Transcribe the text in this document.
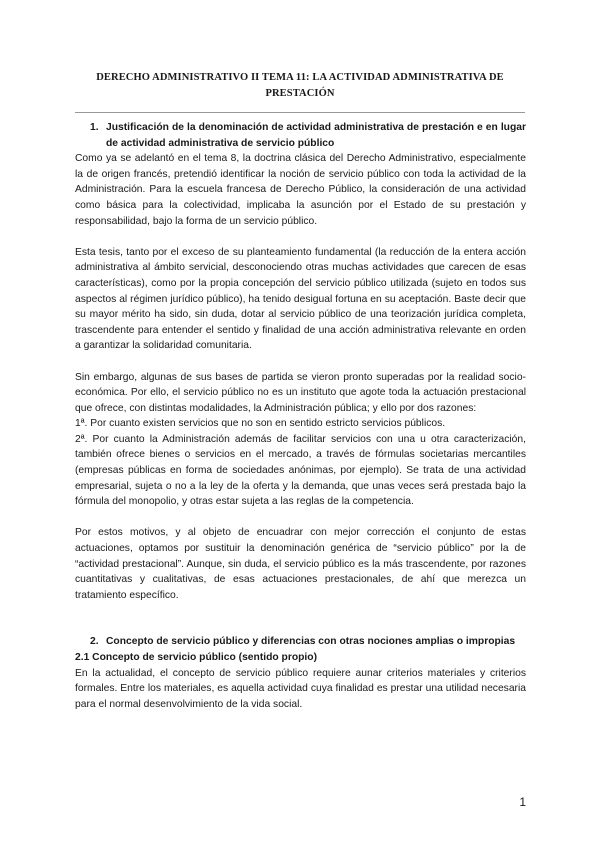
DERECHO ADMINISTRATIVO II TEMA 11: LA ACTIVIDAD ADMINISTRATIVA DE PRESTACIÓN

1. Justificación de la denominación de actividad administrativa de prestación e en lugar de actividad administrativa de servicio público

Como ya se adelantó en el tema 8, la doctrina clásica del Derecho Administrativo, especialmente la de origen francés, pretendió identificar la noción de servicio público con toda la actividad de la Administración. Para la escuela francesa de Derecho Público, la consideración de una actividad como básica para la colectividad, implicaba la asunción por el Estado de su prestación y responsabilidad, bajo la forma de un servicio público.

Esta tesis, tanto por el exceso de su planteamiento fundamental (la reducción de la entera acción administrativa al ámbito servicial, desconociendo otras muchas actividades que carecen de esas características), como por la propia concepción del servicio público utilizada (sujeto en todos sus aspectos al régimen jurídico público), ha tenido desigual fortuna en su aceptación. Baste decir que su mayor mérito ha sido, sin duda, dotar al servicio público de una teorización jurídica completa, trascendente para entender el sentido y finalidad de una acción administrativa relevante en orden a garantizar la solidaridad comunitaria.

Sin embargo, algunas de sus bases de partida se vieron pronto superadas por la realidad socio-económica. Por ello, el servicio público no es un instituto que agote toda la actuación prestacional que ofrece, con distintas modalidades, la Administración pública; y ello por dos razones:

1ª. Por cuanto existen servicios que no son en sentido estricto servicios públicos.

2ª. Por cuanto la Administración además de facilitar servicios con una u otra caracterización, también ofrece bienes o servicios en el mercado, a través de fórmulas societarias mercantiles (empresas públicas en forma de sociedades anónimas, por ejemplo). Se trata de una actividad empresarial, sujeta o no a la ley de la oferta y la demanda, que unas veces será prestada bajo la fórmula del monopolio, y otras estar sujeta a las reglas de la competencia.

Por estos motivos, y al objeto de encuadrar con mejor corrección el conjunto de estas actuaciones, optamos por sustituir la denominación genérica de “servicio público” por la de “actividad prestacional”. Aunque, sin duda, el servicio público es la más trascendente, por razones cuantitativas y cualitativas, de esas actuaciones prestacionales, de ahí que merezca un tratamiento específico.

2. Concepto de servicio público y diferencias con otras nociones amplias o impropias

2.1 Concepto de servicio público (sentido propio)

En la actualidad, el concepto de servicio público requiere aunar criterios materiales y criterios formales. Entre los materiales, es aquella actividad cuya finalidad es prestar una utilidad necesaria para el normal desenvolvimiento de la vida social.

1
